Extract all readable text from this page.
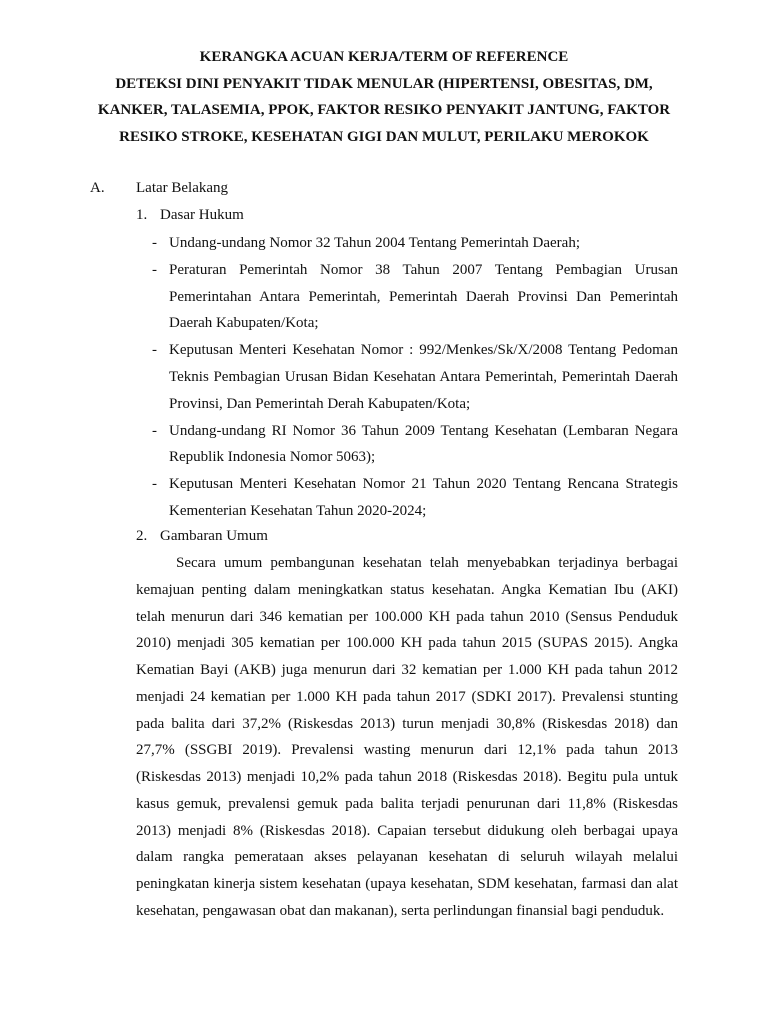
KERANGKA ACUAN KERJA/TERM OF REFERENCE
DETEKSI DINI PENYAKIT TIDAK MENULAR (HIPERTENSI, OBESITAS, DM,
KANKER, TALASEMIA, PPOK, FAKTOR RESIKO PENYAKIT JANTUNG, FAKTOR
RESIKO STROKE, KESEHATAN GIGI DAN MULUT, PERILAKU MEROKOK
A. Latar Belakang
1. Dasar Hukum
- Undang-undang Nomor 32 Tahun 2004 Tentang Pemerintah Daerah;
- Peraturan Pemerintah Nomor 38 Tahun 2007 Tentang Pembagian Urusan Pemerintahan Antara Pemerintah, Pemerintah Daerah Provinsi Dan Pemerintah Daerah Kabupaten/Kota;
- Keputusan Menteri Kesehatan Nomor : 992/Menkes/Sk/X/2008 Tentang Pedoman Teknis Pembagian Urusan Bidan Kesehatan Antara Pemerintah, Pemerintah Daerah Provinsi, Dan Pemerintah Derah Kabupaten/Kota;
- Undang-undang RI Nomor 36 Tahun 2009 Tentang Kesehatan (Lembaran Negara Republik Indonesia Nomor 5063);
- Keputusan Menteri Kesehatan Nomor 21 Tahun 2020 Tentang Rencana Strategis Kementerian Kesehatan Tahun 2020-2024;
2. Gambaran Umum

Secara umum pembangunan kesehatan telah menyebabkan terjadinya berbagai kemajuan penting dalam meningkatkan status kesehatan. Angka Kematian Ibu (AKI) telah menurun dari 346 kematian per 100.000 KH pada tahun 2010 (Sensus Penduduk 2010) menjadi 305 kematian per 100.000 KH pada tahun 2015 (SUPAS 2015). Angka Kematian Bayi (AKB) juga menurun dari 32 kematian per 1.000 KH pada tahun 2012 menjadi 24 kematian per 1.000 KH pada tahun 2017 (SDKI 2017). Prevalensi stunting pada balita dari 37,2% (Riskesdas 2013) turun menjadi 30,8% (Riskesdas 2018) dan 27,7% (SSGBI 2019). Prevalensi wasting menurun dari 12,1% pada tahun 2013 (Riskesdas 2013) menjadi 10,2% pada tahun 2018 (Riskesdas 2018). Begitu pula untuk kasus gemuk, prevalensi gemuk pada balita terjadi penurunan dari 11,8% (Riskesdas 2013) menjadi 8% (Riskesdas 2018). Capaian tersebut didukung oleh berbagai upaya dalam rangka pemerataan akses pelayanan kesehatan di seluruh wilayah melalui peningkatan kinerja sistem kesehatan (upaya kesehatan, SDM kesehatan, farmasi dan alat kesehatan, pengawasan obat dan makanan), serta perlindungan finansial bagi penduduk.
